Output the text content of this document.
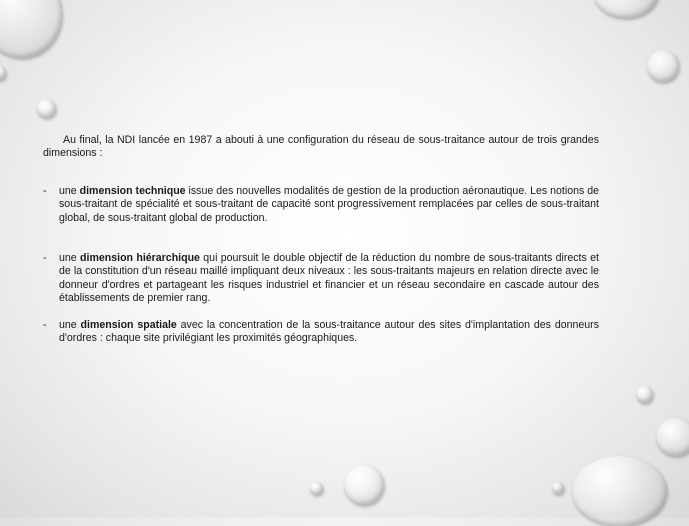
Au final, la NDI lancée en 1987 a abouti à une configuration du réseau de sous-traitance autour de trois grandes dimensions :

- une dimension technique issue des nouvelles modalités de gestion de la production aéronautique. Les notions de sous-traitant de spécialité et sous-traitant de capacité sont progressivement remplacées par celles de sous-traitant global, de sous-traitant global de production.

- une dimension hiérarchique qui poursuit le double objectif de la réduction du nombre de sous-traitants directs et de la constitution d'un réseau maillé impliquant deux niveaux : les sous-traitants majeurs en relation directe avec le donneur d'ordres et partageant les risques industriel et financier et un réseau secondaire en cascade autour des établissements de premier rang.

- une dimension spatiale avec la concentration de la sous-traitance autour des sites d'implantation des donneurs d'ordres : chaque site privilégiant les proximités géographiques.
